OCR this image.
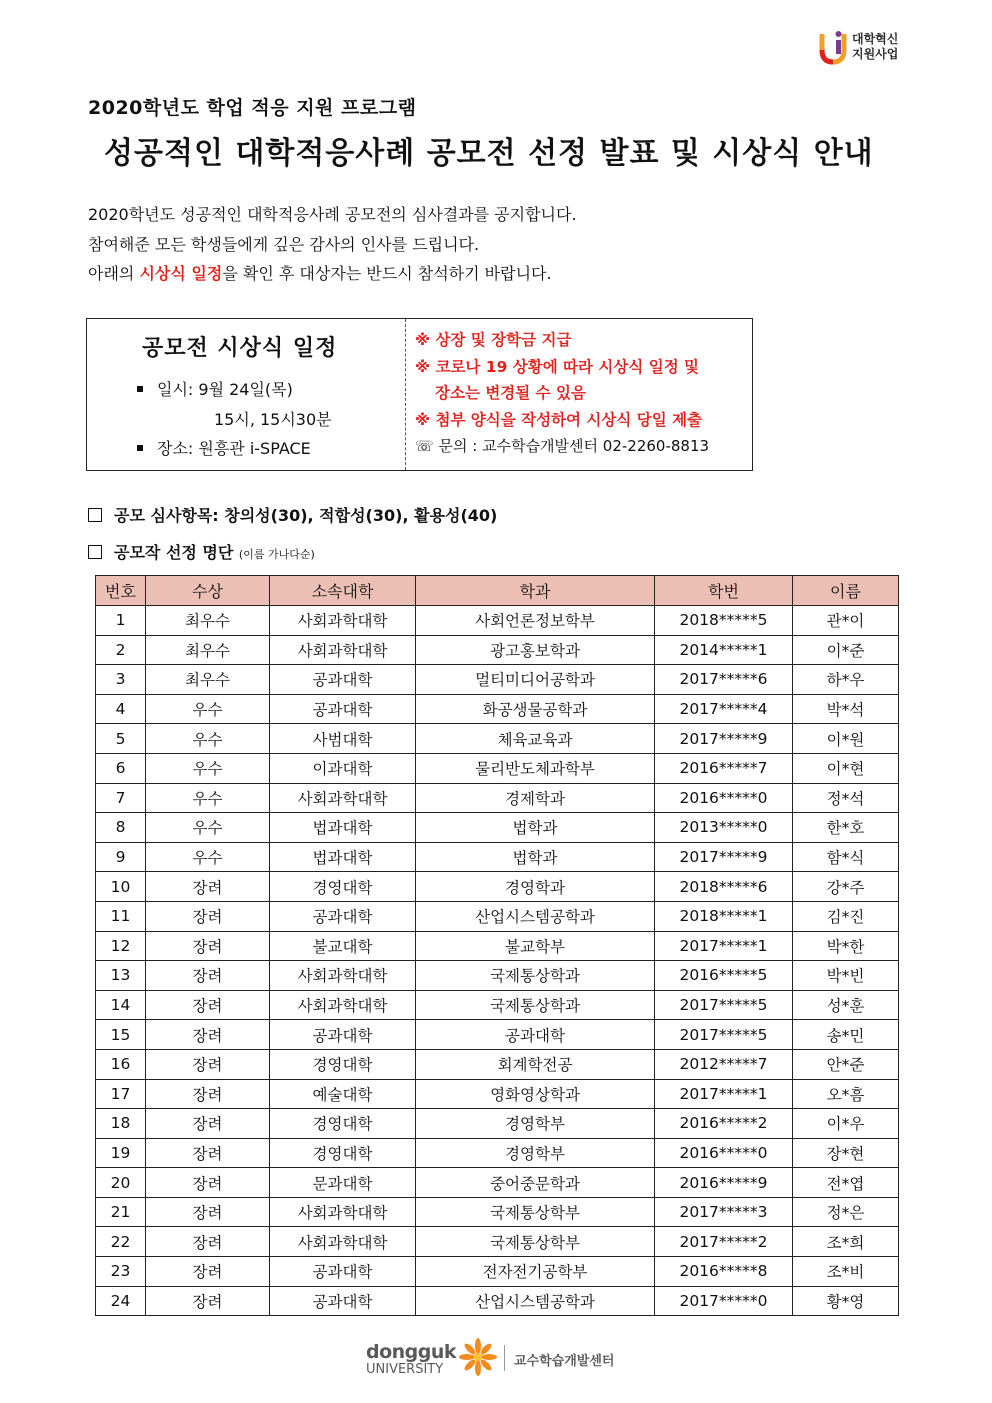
대학혁신
지원사업
2020학년도 학업 적응 지원 프로그램
성공적인 대학적응사례 공모전 선정 발표 및 시상식 안내

2020학년도 성공적인 대학적응사례 공모전의 심사결과를 공지합니다.

참여해준 모든 학생들에게 깊은 감사의 인사를 드립니다.

아래의 시상식 일정을 확인 후 대상자는 반드시 참석하기 바랍니다.

공모전 시상식 일정
일시: 9월 24일(목)
15시, 15시30분
장소: 원흥관 i-SPACE

※ 상장 및 장학금 지급

※ 코로나 19 상황에 따라 시상식 일정 및

장소는 변경될 수 있음

※ 첨부 양식을 작성하여 시상식 당일 제출

☏ 문의 : 교수학습개발센터 02-2260-8813

공모 심사항목: 창의성(30), 적합성(30), 활용성(40)
공모작 선정 명단 (이름 가나다순)
번호	수상	소속대학	학과	학번	이름
1	최우수	사회과학대학	사회언론정보학부	2018*****5	관*이
2	최우수	사회과학대학	광고홍보학과	2014*****1	이*준
3	최우수	공과대학	멀티미디어공학과	2017*****6	하*우
4	우수	공과대학	화공생물공학과	2017*****4	박*석
5	우수	사범대학	체육교육과	2017*****9	이*원
6	우수	이과대학	물리반도체과학부	2016*****7	이*현
7	우수	사회과학대학	경제학과	2016*****0	정*석
8	우수	법과대학	법학과	2013*****0	한*호
9	우수	법과대학	법학과	2017*****9	함*식
10	장려	경영대학	경영학과	2018*****6	강*주
11	장려	공과대학	산업시스템공학과	2018*****1	김*진
12	장려	불교대학	불교학부	2017*****1	박*한
13	장려	사회과학대학	국제통상학과	2016*****5	박*빈
14	장려	사회과학대학	국제통상학과	2017*****5	성*훈
15	장려	공과대학	공과대학	2017*****5	송*민
16	장려	경영대학	회계학전공	2012*****7	안*준
17	장려	예술대학	영화영상학과	2017*****1	오*흠
18	장려	경영대학	경영학부	2016*****2	이*우
19	장려	경영대학	경영학부	2016*****0	장*현
20	장려	문과대학	중어중문학과	2016*****9	전*엽
21	장려	사회과학대학	국제통상학부	2017*****3	정*은
22	장려	사회과학대학	국제통상학부	2017*****2	조*희
23	장려	공과대학	전자전기공학부	2016*****8	조*비
24	장려	공과대학	산업시스템공학과	2017*****0	황*영
dongguk
UNIVERSITY
교수학습개발센터
